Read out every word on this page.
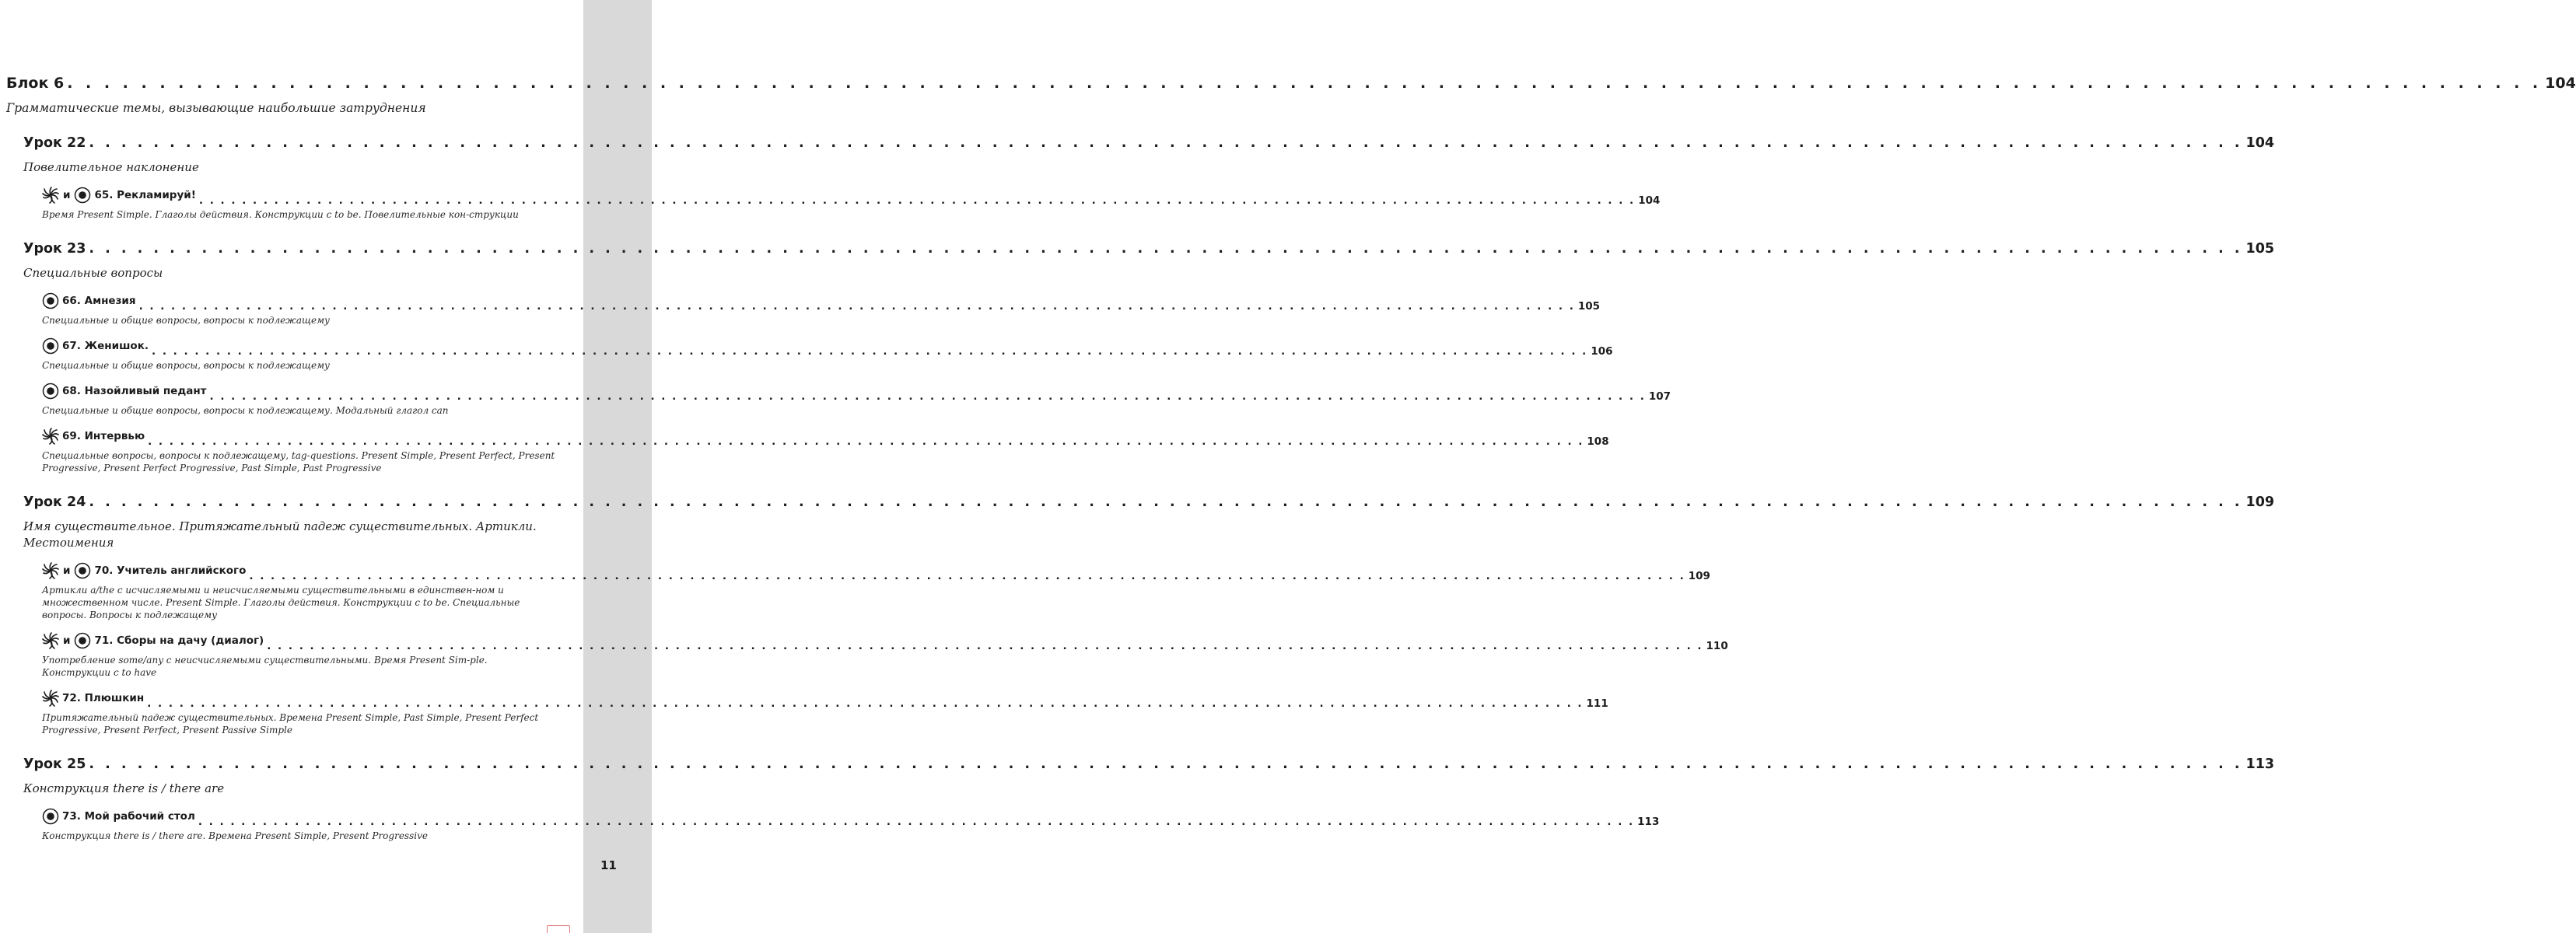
11
Блок 6 . . . . . . . . . . . . . . . . . . . . . . . . . . . . . . . . . . . . . . . . . . . . . . . . . . . . . . . . . . . . . . . . . . . . . . . . . . . . . . . . . . . . . . . . . . . . . . . . . . . . . . . . . . . . . . . . . . . . . . . . . . . . . . . . . . . . . . 104
Грамматические темы, вызывающие наибольшие затруднения
Урок 22 . . . . . . . . . . . . . . . . . . . . . . . . . . . . . . . . . . . . . . . . . . . . . . . . . . . . . . . . . . . . . . . . . . . . . . . . . . . . . . . . . . . . . . . . . . . . . . . . . . . . . . . . . . . . . . . . . . . . . . . . . . . . . . . . . . . . . . 104
Повелительное наклонение
и 65. Рекламируй! . . . . . . . . . . . . . . . . . . . . . . . . . . . . . . . . . . . . . . . . . . . . . . . . . . . . . . . . . . . . . . . . . . . . . . . . . . . . . . . . . . . . . . . . . . . . . . . . . . . . . . . . . . . . . . . . . . . . . . . . . . . . . . . . . . . . . . 104
Время Present Simple. Глаголы действия. Конструкции с to be. Повелительные кон-струкции
Урок 23 . . . . . . . . . . . . . . . . . . . . . . . . . . . . . . . . . . . . . . . . . . . . . . . . . . . . . . . . . . . . . . . . . . . . . . . . . . . . . . . . . . . . . . . . . . . . . . . . . . . . . . . . . . . . . . . . . . . . . . . . . . . . . . . . . . . . . . 105
Специальные вопросы
66. Амнезия . . . . . . . . . . . . . . . . . . . . . . . . . . . . . . . . . . . . . . . . . . . . . . . . . . . . . . . . . . . . . . . . . . . . . . . . . . . . . . . . . . . . . . . . . . . . . . . . . . . . . . . . . . . . . . . . . . . . . . . . . . . . . . . . . . . . . . 105
Специальные и общие вопросы, вопросы к подлежащему
67. Женишок. . . . . . . . . . . . . . . . . . . . . . . . . . . . . . . . . . . . . . . . . . . . . . . . . . . . . . . . . . . . . . . . . . . . . . . . . . . . . . . . . . . . . . . . . . . . . . . . . . . . . . . . . . . . . . . . . . . . . . . . . . . . . . . . . . . . . . . 106
Специальные и общие вопросы, вопросы к подлежащему
68. Назойливый педант . . . . . . . . . . . . . . . . . . . . . . . . . . . . . . . . . . . . . . . . . . . . . . . . . . . . . . . . . . . . . . . . . . . . . . . . . . . . . . . . . . . . . . . . . . . . . . . . . . . . . . . . . . . . . . . . . . . . . . . . . . . . . . . . . . . . . . 107
Специальные и общие вопросы, вопросы к подлежащему. Модальный глагол can
69. Интервью . . . . . . . . . . . . . . . . . . . . . . . . . . . . . . . . . . . . . . . . . . . . . . . . . . . . . . . . . . . . . . . . . . . . . . . . . . . . . . . . . . . . . . . . . . . . . . . . . . . . . . . . . . . . . . . . . . . . . . . . . . . . . . . . . . . . . . 108
Специальные вопросы, вопросы к подлежащему, tag-questions. Present Simple, Present Perfect, Present Progressive, Present Perfect Progressive, Past Simple, Past Progressive
Урок 24 . . . . . . . . . . . . . . . . . . . . . . . . . . . . . . . . . . . . . . . . . . . . . . . . . . . . . . . . . . . . . . . . . . . . . . . . . . . . . . . . . . . . . . . . . . . . . . . . . . . . . . . . . . . . . . . . . . . . . . . . . . . . . . . . . . . . . . 109
Имя существительное. Притяжательный падеж существительных. Артикли. Местоимения
и 70. Учитель английского . . . . . . . . . . . . . . . . . . . . . . . . . . . . . . . . . . . . . . . . . . . . . . . . . . . . . . . . . . . . . . . . . . . . . . . . . . . . . . . . . . . . . . . . . . . . . . . . . . . . . . . . . . . . . . . . . . . . . . . . . . . . . . . . . . . . . . 109
Артикли a/the с исчисляемыми и неисчисляемыми существительными в единствен-ном и множественном числе. Present Simple. Глаголы действия. Конструкции с to be. Специальные вопросы. Вопросы к подлежащему
и 71. Сборы на дачу (диалог) . . . . . . . . . . . . . . . . . . . . . . . . . . . . . . . . . . . . . . . . . . . . . . . . . . . . . . . . . . . . . . . . . . . . . . . . . . . . . . . . . . . . . . . . . . . . . . . . . . . . . . . . . . . . . . . . . . . . . . . . . . . . . . . . . . . . . . 110
Употребление some/any с неисчисляемыми существительными. Время Present Sim-ple. Конструкции с to have
72. Плюшкин . . . . . . . . . . . . . . . . . . . . . . . . . . . . . . . . . . . . . . . . . . . . . . . . . . . . . . . . . . . . . . . . . . . . . . . . . . . . . . . . . . . . . . . . . . . . . . . . . . . . . . . . . . . . . . . . . . . . . . . . . . . . . . . . . . . . . . 111
Притяжательный падеж существительных. Времена Present Simple, Past Simple, Present Perfect Progressive, Present Perfect, Present Passive Simple
Урок 25 . . . . . . . . . . . . . . . . . . . . . . . . . . . . . . . . . . . . . . . . . . . . . . . . . . . . . . . . . . . . . . . . . . . . . . . . . . . . . . . . . . . . . . . . . . . . . . . . . . . . . . . . . . . . . . . . . . . . . . . . . . . . . . . . . . . . . . 113
Конструкция there is / there are
73. Мой рабочий стол . . . . . . . . . . . . . . . . . . . . . . . . . . . . . . . . . . . . . . . . . . . . . . . . . . . . . . . . . . . . . . . . . . . . . . . . . . . . . . . . . . . . . . . . . . . . . . . . . . . . . . . . . . . . . . . . . . . . . . . . . . . . . . . . . . . . . . 113
Конструкция there is / there are. Времена Present Simple, Present Progressive
